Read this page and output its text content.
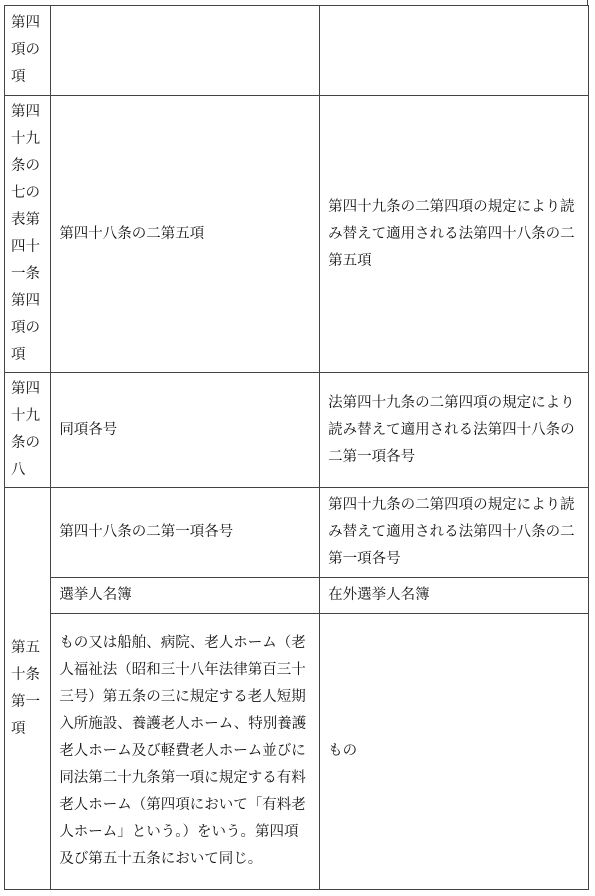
第四項の項		
第四十九条の七の表第四十一条第四項の項	第四十八条の二第五項	第四十九条の二第四項の規定により読み替えて適用される法第四十八条の二第五項
第四十九条の八	同項各号	法第四十九条の二第四項の規定により読み替えて適用される法第四十八条の二第一項各号
第五十条第一項	第四十八条の二第一項各号	第四十九条の二第四項の規定により読み替えて適用される法第四十八条の二第一項各号
	選挙人名簿	在外選挙人名簿
	もの又は船舶、病院、老人ホーム（老人福祉法（昭和三十八年法律第百三十三号）第五条の三に規定する老人短期入所施設、養護老人ホーム、特別養護老人ホーム及び軽費老人ホーム並びに同法第二十九条第一項に規定する有料老人ホーム（第四項において「有料老人ホーム」という。）をいう。第四項及び第五十五条において同じ。	もの
